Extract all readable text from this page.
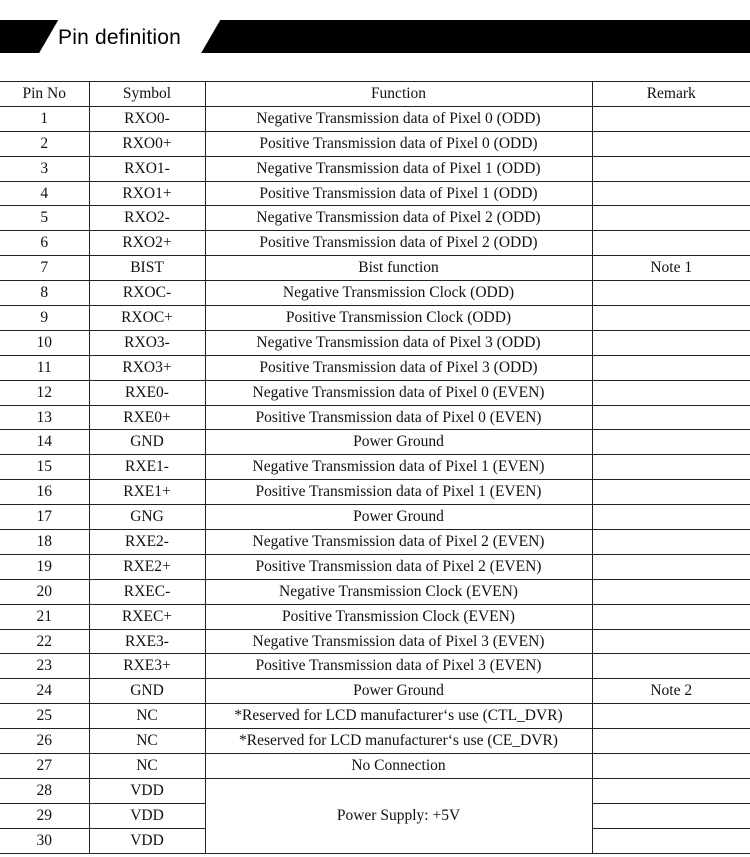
Pin definition
Pin No	Symbol	Function	Remark
1	RXO0-	Negative Transmission data of Pixel 0 (ODD)	
2	RXO0+	Positive Transmission data of Pixel 0 (ODD)	
3	RXO1-	Negative Transmission data of Pixel 1 (ODD)	
4	RXO1+	Positive Transmission data of Pixel 1 (ODD)	
5	RXO2-	Negative Transmission data of Pixel 2 (ODD)	
6	RXO2+	Positive Transmission data of Pixel 2 (ODD)	
7	BIST	Bist function	Note 1
8	RXOC-	Negative Transmission Clock (ODD)	
9	RXOC+	Positive Transmission Clock (ODD)	
10	RXO3-	Negative Transmission data of Pixel 3 (ODD)	
11	RXO3+	Positive Transmission data of Pixel 3 (ODD)	
12	RXE0-	Negative Transmission data of Pixel 0 (EVEN)	
13	RXE0+	Positive Transmission data of Pixel 0 (EVEN)	
14	GND	Power Ground	
15	RXE1-	Negative Transmission data of Pixel 1 (EVEN)	
16	RXE1+	Positive Transmission data of Pixel 1 (EVEN)	
17	GNG	Power Ground	
18	RXE2-	Negative Transmission data of Pixel 2 (EVEN)	
19	RXE2+	Positive Transmission data of Pixel 2 (EVEN)	
20	RXEC-	Negative Transmission Clock (EVEN)	
21	RXEC+	Positive Transmission Clock (EVEN)	
22	RXE3-	Negative Transmission data of Pixel 3 (EVEN)	
23	RXE3+	Positive Transmission data of Pixel 3 (EVEN)	
24	GND	Power Ground	Note 2
25	NC	*Reserved for LCD manufacturer‘s use (CTL_DVR)	
26	NC	*Reserved for LCD manufacturer‘s use (CE_DVR)	
27	NC	No Connection	
28	VDD	Power Supply: +5V	
29	VDD		
30	VDD		
